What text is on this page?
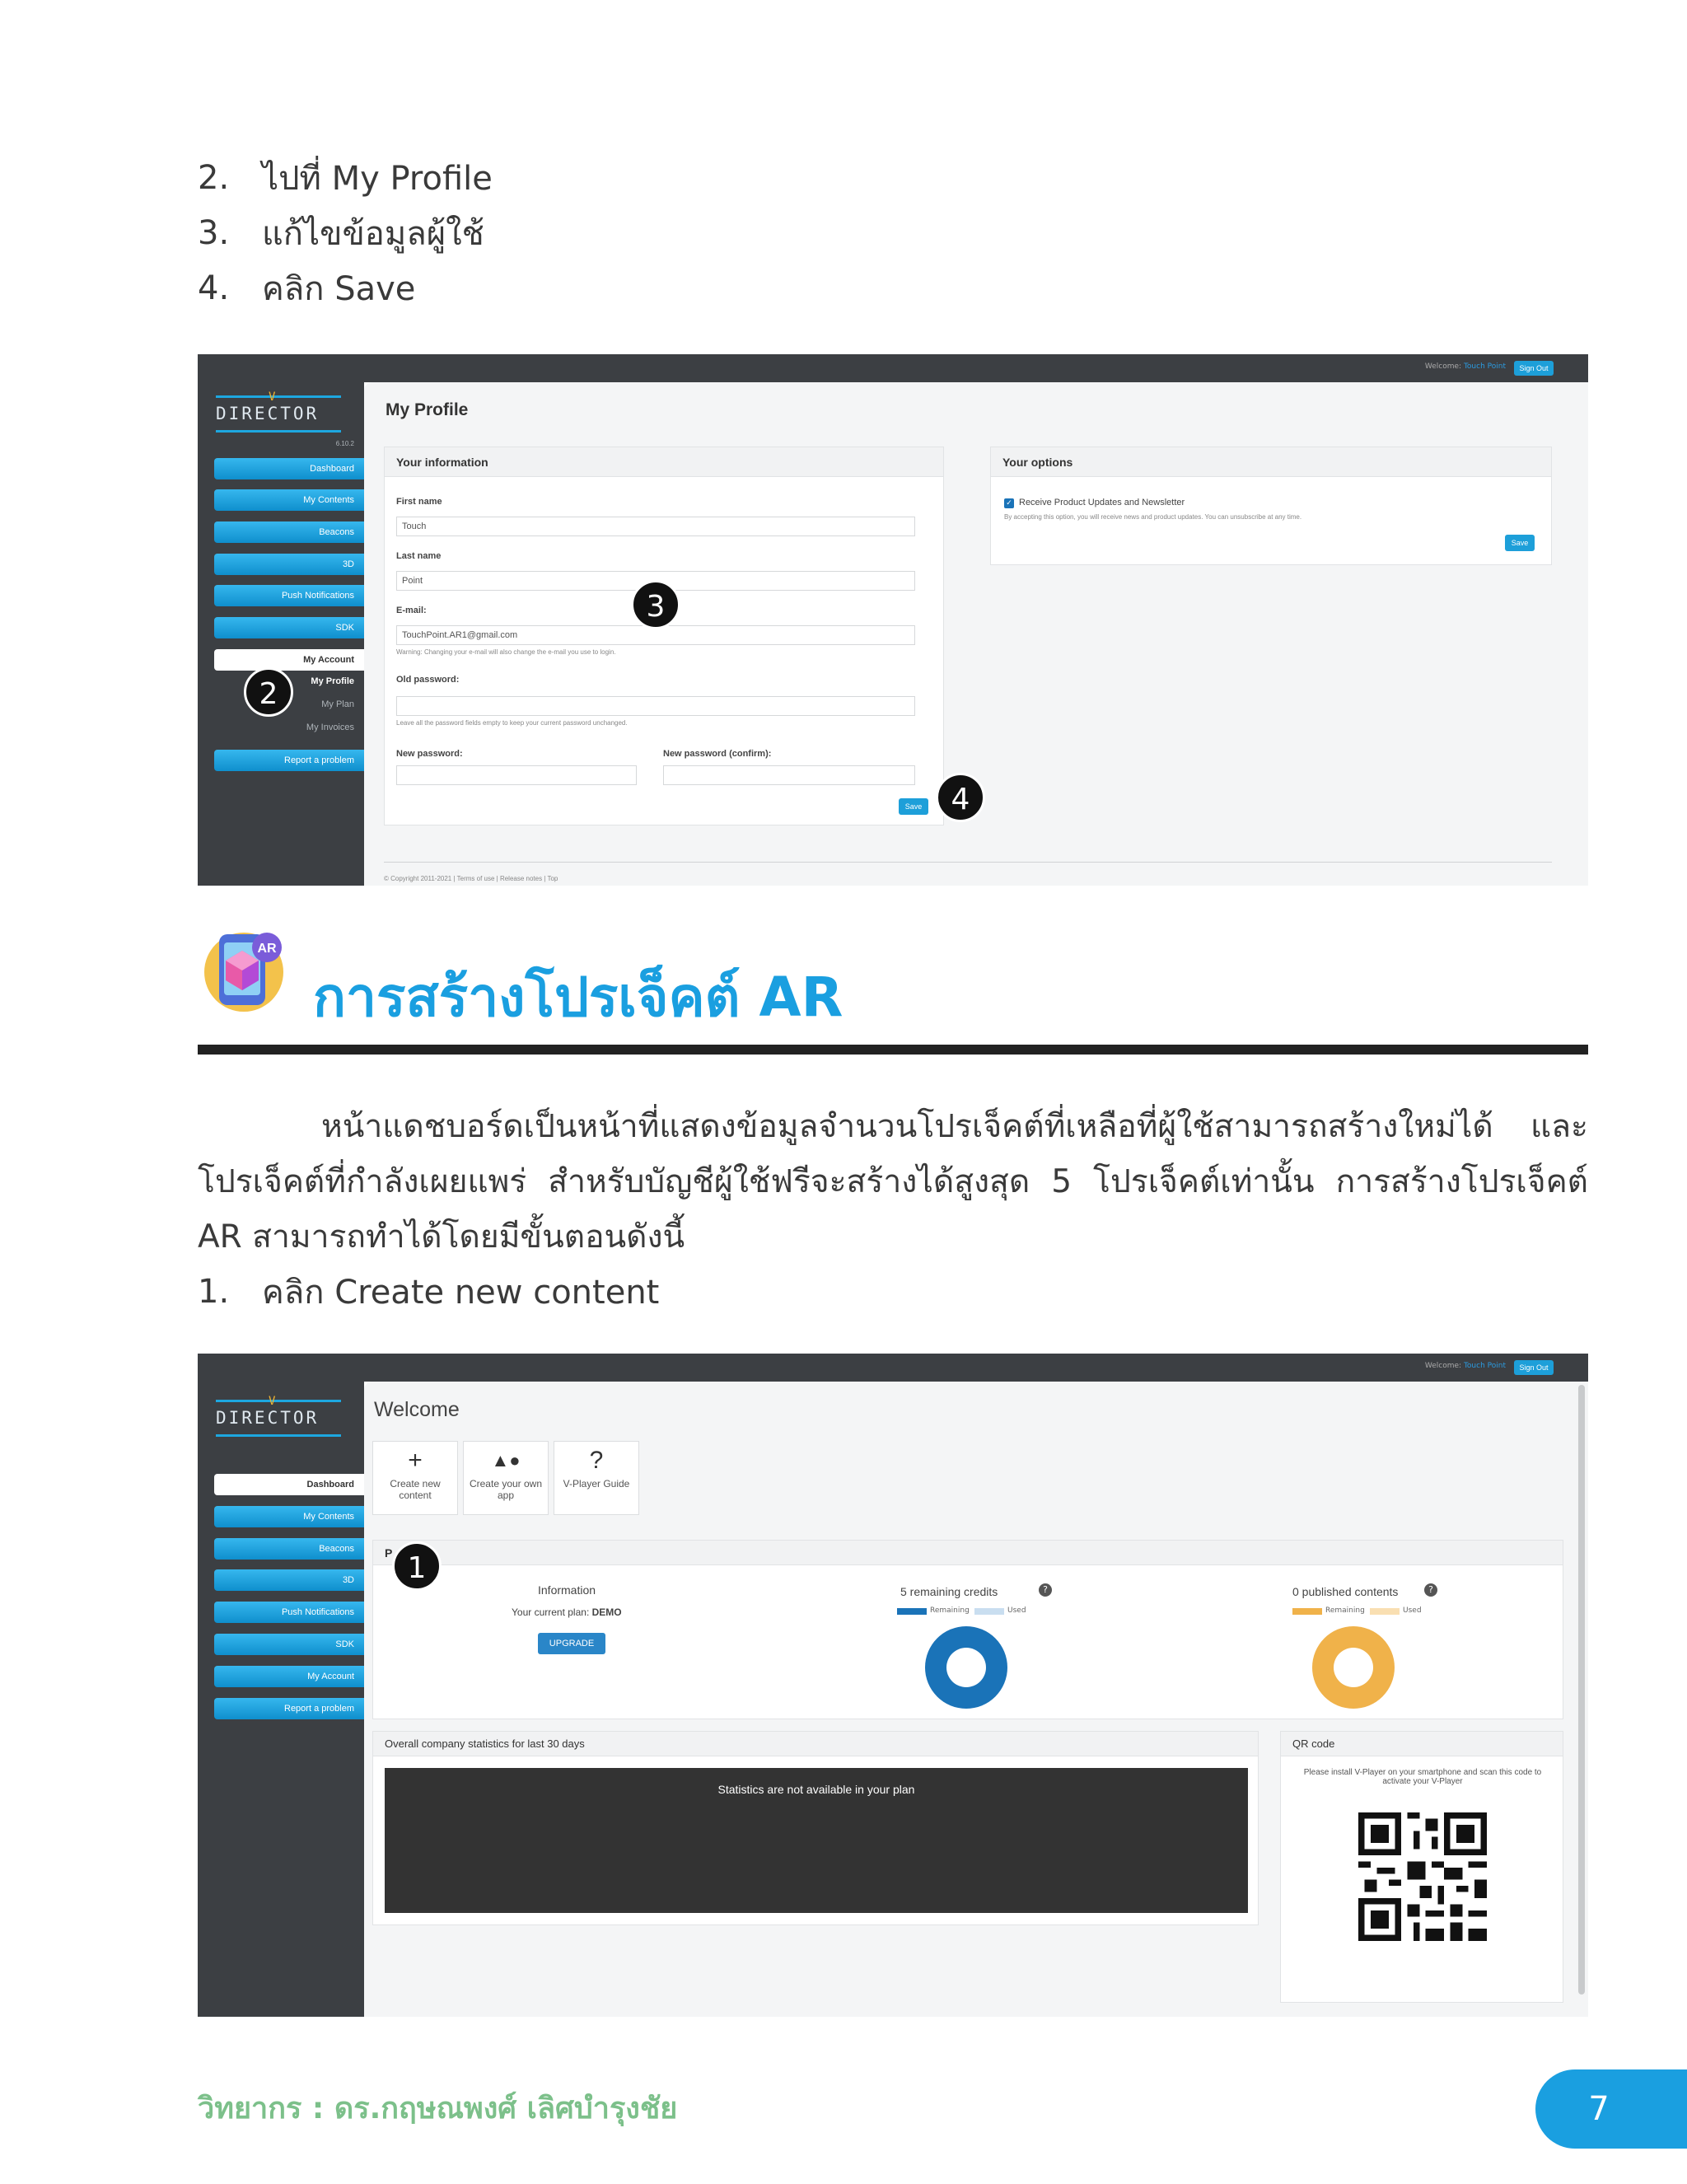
2. ไปที่ My Profile
3. แก้ไขข้อมูลผู้ใช้
4. คลิก Save
Welcome: Touch Point	Sign Out
V
DIRECTOR
6.10.2
Dashboard
My Contents
Beacons
3D
Push Notifications
SDK
My Account
My Profile
My Plan
My Invoices
Report a problem
My Profile
Your information
First name
Touch
Last name
Point
E-mail:
TouchPoint.AR1@gmail.com
Warning: Changing your e-mail will also change the e-mail you use to login.
Old password:
Leave all the password fields empty to keep your current password unchanged.
New password:	New password (confirm):
Save
Your options
✓ Receive Product Updates and Newsletter
By accepting this option, you will receive news and product updates. You can unsubscribe at any time.
Save
© Copyright 2011-2021 | Terms of use | Release notes | Top
2
3
4
AR
การสร้างโปรเจ็คต์ AR
หน้าแดชบอร์ดเป็นหน้าที่แสดงข้อมูลจำนวนโปรเจ็คต์ที่เหลือที่ผู้ใช้สามารถสร้างใหม่ได้ และโปรเจ็คต์ที่กำลังเผยแพร่ สำหรับบัญชีผู้ใช้ฟรีจะสร้างได้สูงสุด 5 โปรเจ็คต์เท่านั้น การสร้างโปรเจ็คต์ AR สามารถทำได้โดยมีขั้นตอนดังนี้
1. คลิก Create new content
Welcome: Touch Point	Sign Out
V
DIRECTOR
Dashboard
My Contents
Beacons
3D
Push Notifications
SDK
My Account
Report a problem
Welcome
+
Create new content
▲●
Create your own app
?
V-Player Guide
P
Information
Your current plan: DEMO
UPGRADE
5 remaining credits	?
Remaining	Used
0 published contents	?
Remaining	Used
Overall company statistics for last 30 days
Statistics are not available in your plan
QR code
Please install V-Player on your smartphone and scan this code to activate your V-Player
1
วิทยากร : ดร.กฤษณพงศ์ เลิศบำรุงชัย	7
